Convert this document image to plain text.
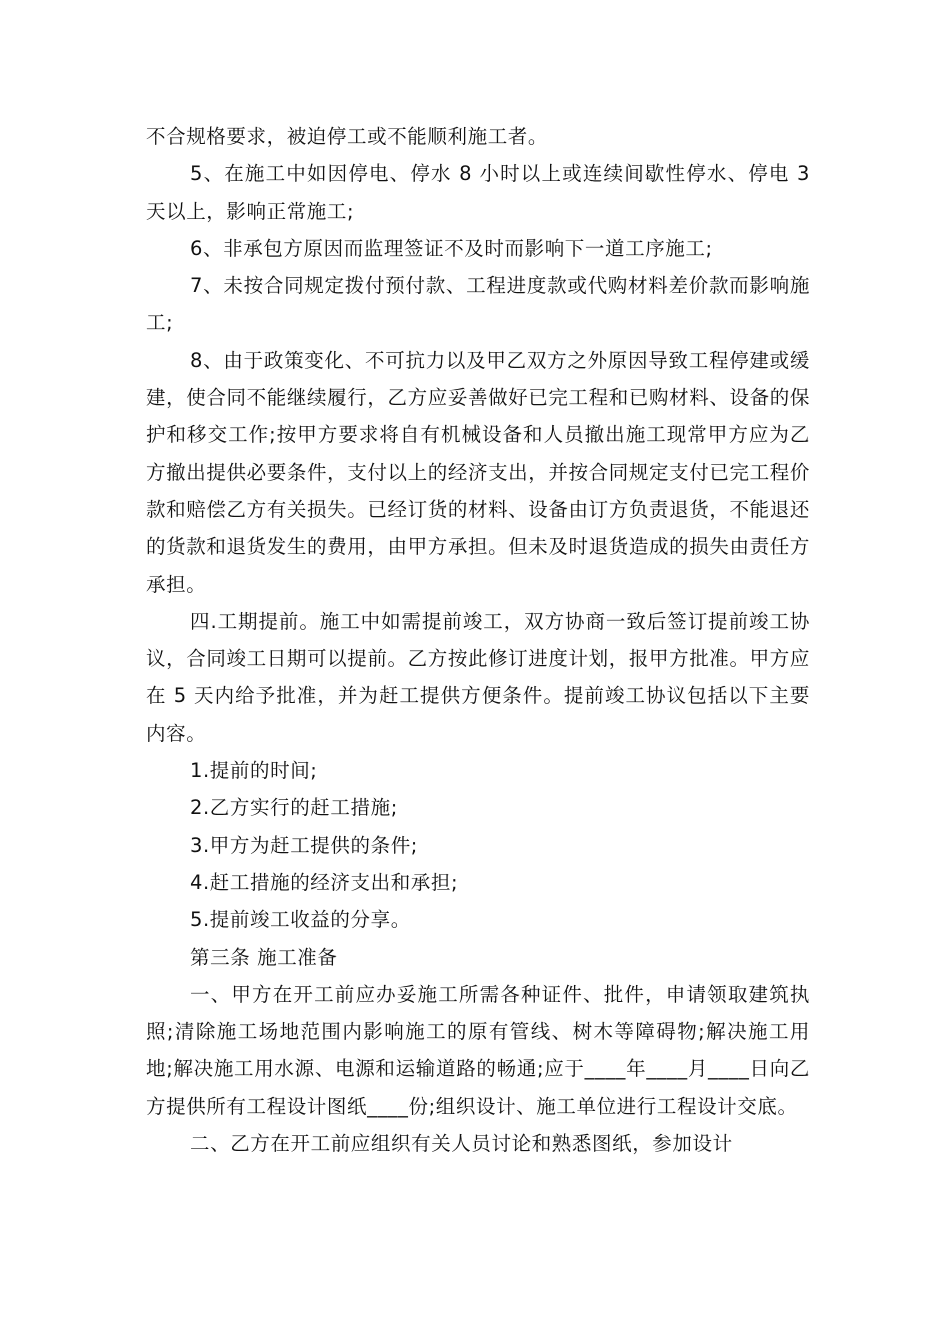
不合规格要求，被迫停工或不能顺利施工者。

5、在施工中如因停电、停水 8 小时以上或连续间歇性停水、停电 3 天以上，影响正常施工;

6、非承包方原因而监理签证不及时而影响下一道工序施工;

7、未按合同规定拨付预付款、工程进度款或代购材料差价款而影响施工;

8、由于政策变化、不可抗力以及甲乙双方之外原因导致工程停建或缓建，使合同不能继续履行，乙方应妥善做好已完工程和已购材料、设备的保护和移交工作;按甲方要求将自有机械设备和人员撤出施工现常甲方应为乙方撤出提供必要条件，支付以上的经济支出，并按合同规定支付已完工程价款和赔偿乙方有关损失。已经订货的材料、设备由订方负责退货，不能退还的货款和退货发生的费用，由甲方承担。但未及时退货造成的损失由责任方承担。

四.工期提前。施工中如需提前竣工，双方协商一致后签订提前竣工协议，合同竣工日期可以提前。乙方按此修订进度计划，报甲方批准。甲方应在 5 天内给予批准，并为赶工提供方便条件。提前竣工协议包括以下主要内容。

1.提前的时间;

2.乙方实行的赶工措施;

3.甲方为赶工提供的条件;

4.赶工措施的经济支出和承担;

5.提前竣工收益的分享。

第三条 施工准备

一、甲方在开工前应办妥施工所需各种证件、批件，申请领取建筑执照;清除施工场地范围内影响施工的原有管线、树木等障碍物;解决施工用地;解决施工用水源、电源和运输道路的畅通;应于____年____月____日向乙方提供所有工程设计图纸____份;组织设计、施工单位进行工程设计交底。

二、乙方在开工前应组织有关人员讨论和熟悉图纸，参加设计
